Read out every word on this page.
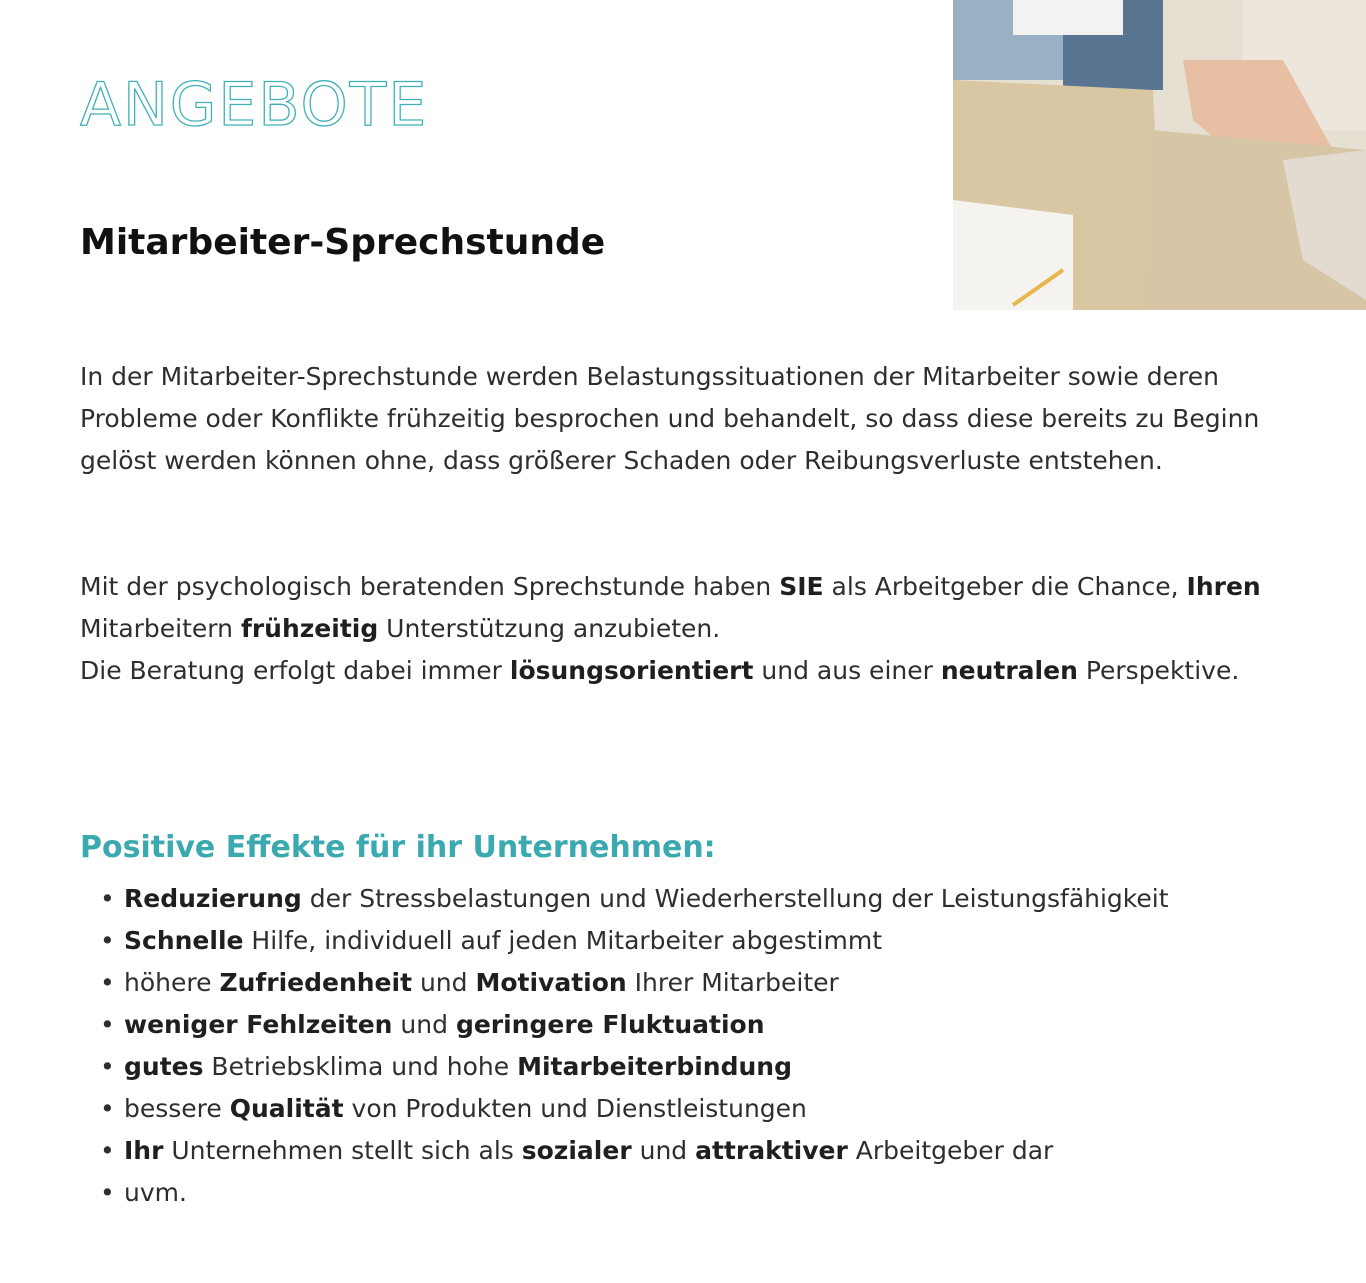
ANGEBOTE
Mitarbeiter-Sprechstunde

In der Mitarbeiter-Sprechstunde werden Belastungssituationen der Mitarbeiter sowie deren Probleme oder Konflikte frühzeitig besprochen und behandelt, so dass diese bereits zu Beginn gelöst werden können ohne, dass größerer Schaden oder Reibungsverluste entstehen.

Mit der psychologisch beratenden Sprechstunde haben SIE als Arbeitgeber die Chance, Ihren Mitarbeitern frühzeitig Unterstützung anzubieten.
Die Beratung erfolgt dabei immer lösungsorientiert und aus einer neutralen Perspektive.

Positive Effekte für ihr Unternehmen:
• Reduzierung der Stressbelastungen und Wiederherstellung der Leistungsfähigkeit
• Schnelle Hilfe, individuell auf jeden Mitarbeiter abgestimmt
• höhere Zufriedenheit und Motivation Ihrer Mitarbeiter
• weniger Fehlzeiten und geringere Fluktuation
• gutes Betriebsklima und hohe Mitarbeiterbindung
• bessere Qualität von Produkten und Dienstleistungen
• Ihr Unternehmen stellt sich als sozialer und attraktiver Arbeitgeber dar
• uvm.
